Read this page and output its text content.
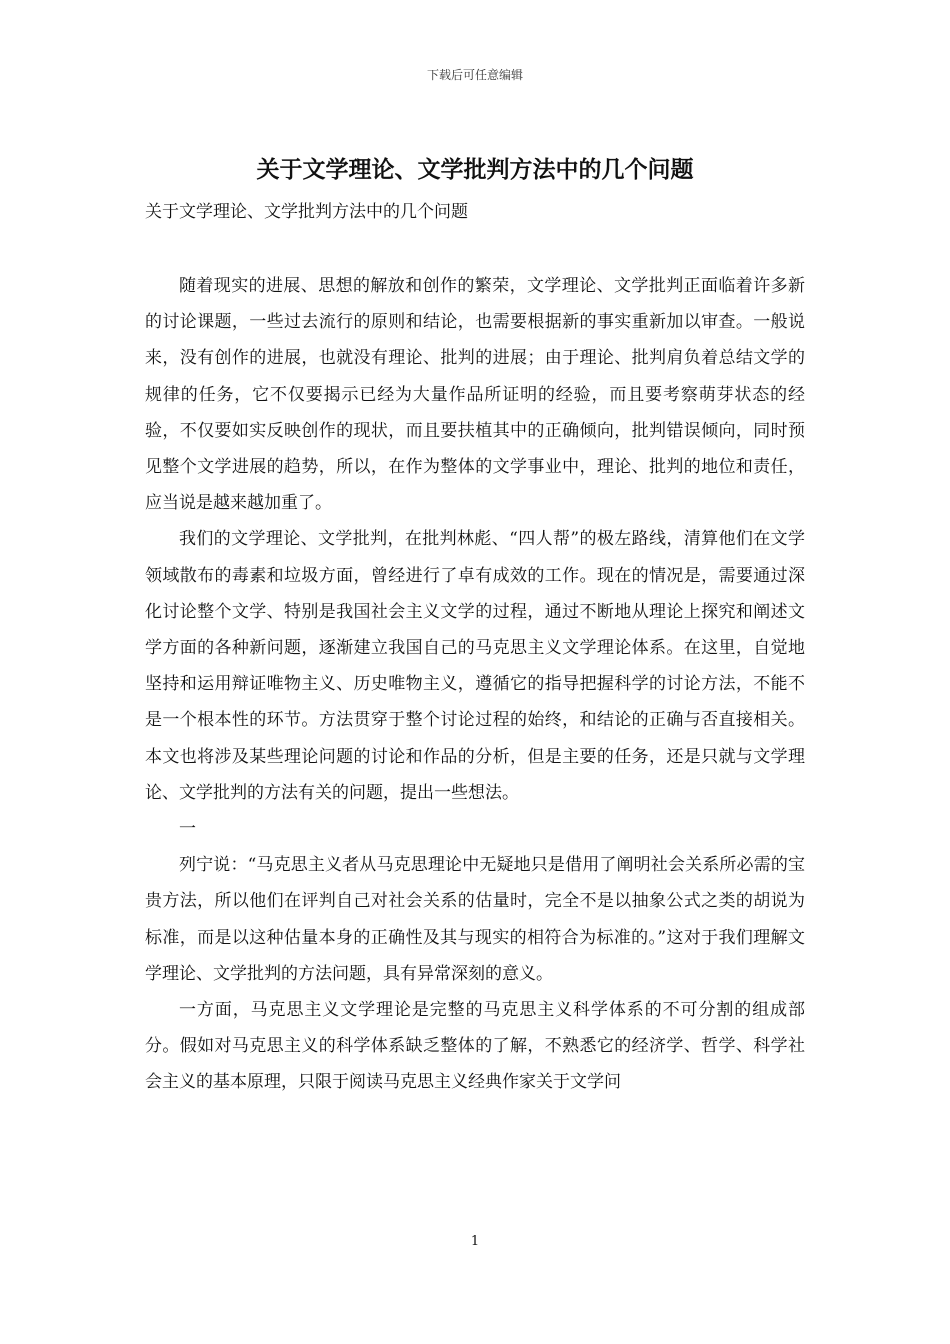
下载后可任意编辑
关于文学理论、文学批判方法中的几个问题
关于文学理论、文学批判方法中的几个问题

随着现实的进展、思想的解放和创作的繁荣，文学理论、文学批判正面临着许多新的讨论课题，一些过去流行的原则和结论，也需要根据新的事实重新加以审查。一般说来，没有创作的进展，也就没有理论、批判的进展；由于理论、批判肩负着总结文学的规律的任务，它不仅要揭示已经为大量作品所证明的经验，而且要考察萌芽状态的经验，不仅要如实反映创作的现状，而且要扶植其中的正确倾向，批判错误倾向，同时预见整个文学进展的趋势，所以，在作为整体的文学事业中，理论、批判的地位和责任，应当说是越来越加重了。

我们的文学理论、文学批判，在批判林彪、“四人帮”的极左路线，清算他们在文学领域散布的毒素和垃圾方面，曾经进行了卓有成效的工作。现在的情况是，需要通过深化讨论整个文学、特别是我国社会主义文学的过程，通过不断地从理论上探究和阐述文学方面的各种新问题，逐渐建立我国自己的马克思主义文学理论体系。在这里，自觉地坚持和运用辩证唯物主义、历史唯物主义，遵循它的指导把握科学的讨论方法，不能不是一个根本性的环节。方法贯穿于整个讨论过程的始终，和结论的正确与否直接相关。本文也将涉及某些理论问题的讨论和作品的分析，但是主要的任务，还是只就与文学理论、文学批判的方法有关的问题，提出一些想法。

一

列宁说：“马克思主义者从马克思理论中无疑地只是借用了阐明社会关系所必需的宝贵方法，所以他们在评判自己对社会关系的估量时，完全不是以抽象公式之类的胡说为标准，而是以这种估量本身的正确性及其与现实的相符合为标准的。”这对于我们理解文学理论、文学批判的方法问题，具有异常深刻的意义。

一方面，马克思主义文学理论是完整的马克思主义科学体系的不可分割的组成部分。假如对马克思主义的科学体系缺乏整体的了解，不熟悉它的经济学、哲学、科学社会主义的基本原理，只限于阅读马克思主义经典作家关于文学问

1
